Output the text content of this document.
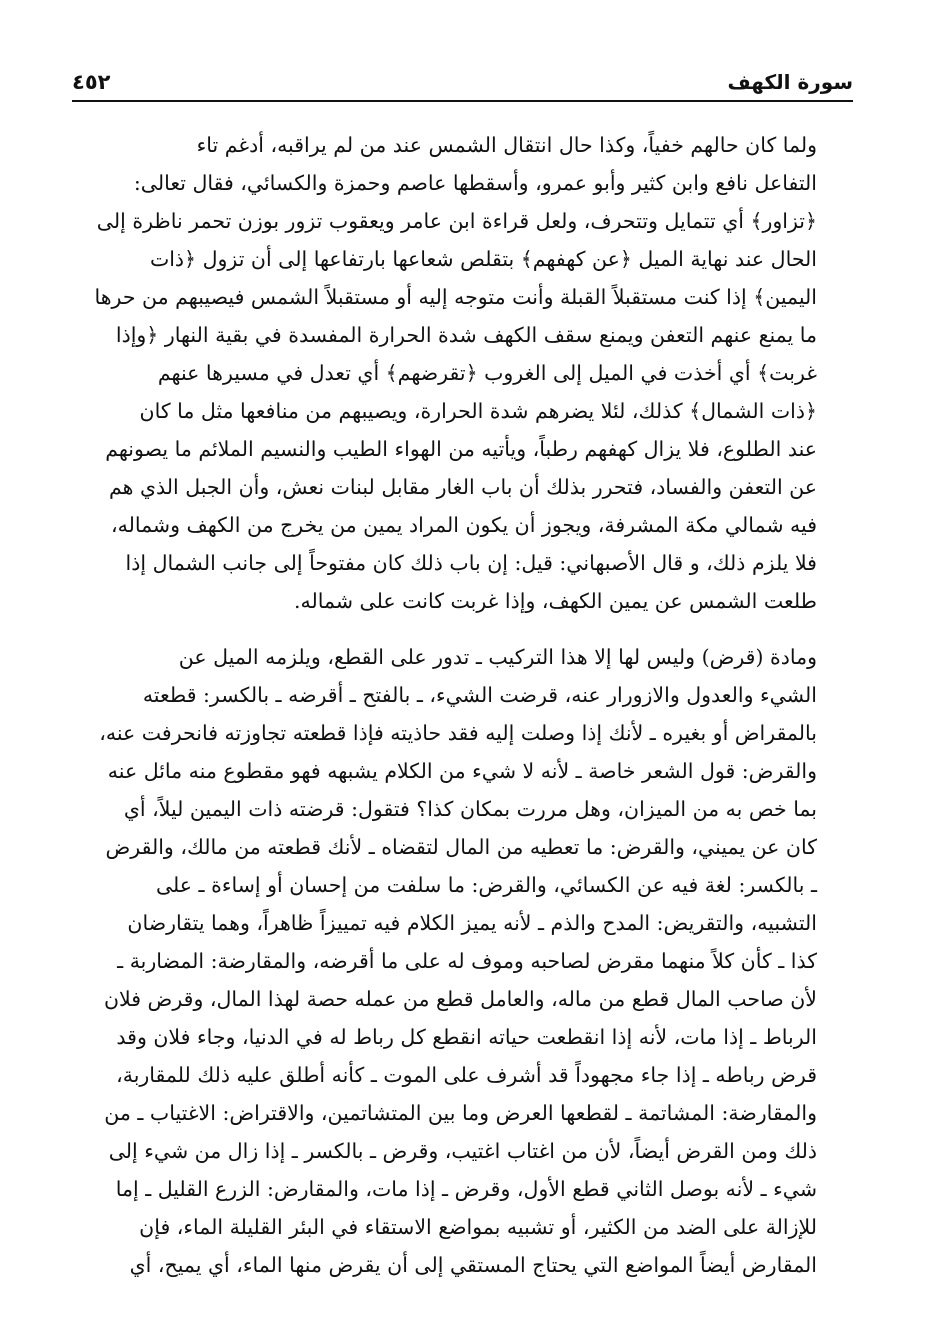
سورة الكهف
٤٥٢

ولما كان حالهم خفياً، وكذا حال انتقال الشمس عند من لم يراقبه، أدغم تاء
التفاعل نافع وابن كثير وأبو عمرو، وأسقطها عاصم وحمزة والكسائي، فقال تعالى:
﴿تزاور﴾ أي تتمايل وتتحرف، ولعل قراءة ابن عامر ويعقوب تزور بوزن تحمر ناظرة إلى
الحال عند نهاية الميل ﴿عن كهفهم﴾ بتقلص شعاعها بارتفاعها إلى أن تزول ﴿ذات
اليمين﴾ إذا كنت مستقبلاً القبلة وأنت متوجه إليه أو مستقبلاً الشمس فيصيبهم من حرها
ما يمنع عنهم التعفن ويمنع سقف الكهف شدة الحرارة المفسدة في بقية النهار ﴿وإذا
غربت﴾ أي أخذت في الميل إلى الغروب ﴿تقرضهم﴾ أي تعدل في مسيرها عنهم
﴿ذات الشمال﴾ كذلك، لئلا يضرهم شدة الحرارة، ويصيبهم من منافعها مثل ما كان
عند الطلوع، فلا يزال كهفهم رطباً، ويأتيه من الهواء الطيب والنسيم الملائم ما يصونهم
عن التعفن والفساد، فتحرر بذلك أن باب الغار مقابل لبنات نعش، وأن الجبل الذي هم
فيه شمالي مكة المشرفة، ويجوز أن يكون المراد يمين من يخرج من الكهف وشماله،
فلا يلزم ذلك، و قال الأصبهاني: قيل: إن باب ذلك كان مفتوحاً إلى جانب الشمال إذا
طلعت الشمس عن يمين الكهف، وإذا غربت كانت على شماله.

ومادة (قرض) وليس لها إلا هذا التركيب ـ تدور على القطع، ويلزمه الميل عن
الشيء والعدول والازورار عنه، قرضت الشيء، ـ بالفتح ـ أقرضه ـ بالكسر: قطعته
بالمقراض أو بغيره ـ لأنك إذا وصلت إليه فقد حاذيته فإذا قطعته تجاوزته فانحرفت عنه،
والقرض: قول الشعر خاصة ـ لأنه لا شيء من الكلام يشبهه فهو مقطوع منه مائل عنه
بما خص به من الميزان، وهل مررت بمكان كذا؟ فتقول: قرضته ذات اليمين ليلاً، أي
كان عن يميني، والقرض: ما تعطيه من المال لتقضاه ـ لأنك قطعته من مالك، والقرض
ـ بالكسر: لغة فيه عن الكسائي، والقرض: ما سلفت من إحسان أو إساءة ـ على
التشبيه، والتقريض: المدح والذم ـ لأنه يميز الكلام فيه تمييزاً ظاهراً، وهما يتقارضان
كذا ـ كأن كلاً منهما مقرض لصاحبه وموف له على ما أقرضه، والمقارضة: المضاربة ـ
لأن صاحب المال قطع من ماله، والعامل قطع من عمله حصة لهذا المال، وقرض فلان
الرباط ـ إذا مات، لأنه إذا انقطعت حياته انقطع كل رباط له في الدنيا، وجاء فلان وقد
قرض رباطه ـ إذا جاء مجهوداً قد أشرف على الموت ـ كأنه أطلق عليه ذلك للمقاربة،
والمقارضة: المشاتمة ـ لقطعها العرض وما بين المتشاتمين، والاقتراض: الاغتياب ـ من
ذلك ومن القرض أيضاً، لأن من اغتاب اغتيب، وقرض ـ بالكسر ـ إذا زال من شيء إلى
شيء ـ لأنه بوصل الثاني قطع الأول، وقرض ـ إذا مات، والمقارض: الزرع القليل ـ إما
للإزالة على الضد من الكثير، أو تشبيه بمواضع الاستقاء في البئر القليلة الماء، فإن
المقارض أيضاً المواضع التي يحتاج المستقي إلى أن يقرض منها الماء، أي يميح، أي
